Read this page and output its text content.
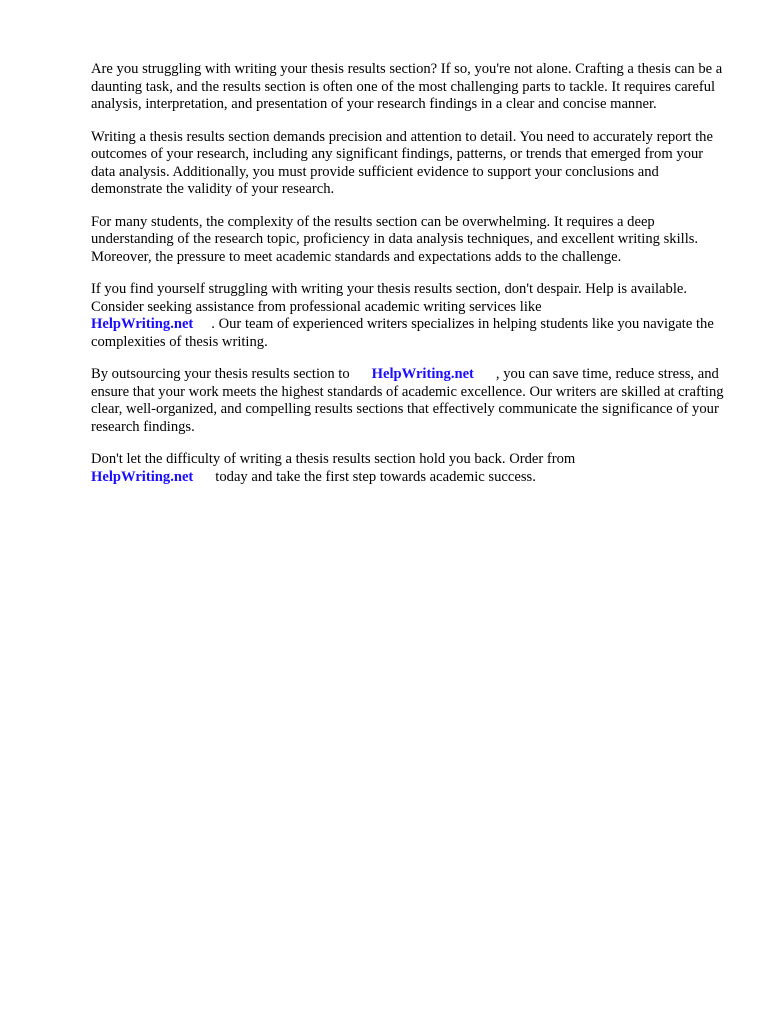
Are you struggling with writing your thesis results section? If so, you're not alone. Crafting a thesis can be a daunting task, and the results section is often one of the most challenging parts to tackle. It requires careful analysis, interpretation, and presentation of your research findings in a clear and concise manner.

Writing a thesis results section demands precision and attention to detail. You need to accurately report the outcomes of your research, including any significant findings, patterns, or trends that emerged from your data analysis. Additionally, you must provide sufficient evidence to support your conclusions and demonstrate the validity of your research.

For many students, the complexity of the results section can be overwhelming. It requires a deep understanding of the research topic, proficiency in data analysis techniques, and excellent writing skills. Moreover, the pressure to meet academic standards and expectations adds to the challenge.

If you find yourself struggling with writing your thesis results section, don't despair. Help is available. Consider seeking assistance from professional academic writing services like
HelpWriting.net . Our team of experienced writers specializes in helping students like you navigate the complexities of thesis writing.

By outsourcing your thesis results section to HelpWriting.net , you can save time, reduce stress, and ensure that your work meets the highest standards of academic excellence. Our writers are skilled at crafting clear, well-organized, and compelling results sections that effectively communicate the significance of your research findings.

Don't let the difficulty of writing a thesis results section hold you back. Order from
HelpWriting.net today and take the first step towards academic success.
